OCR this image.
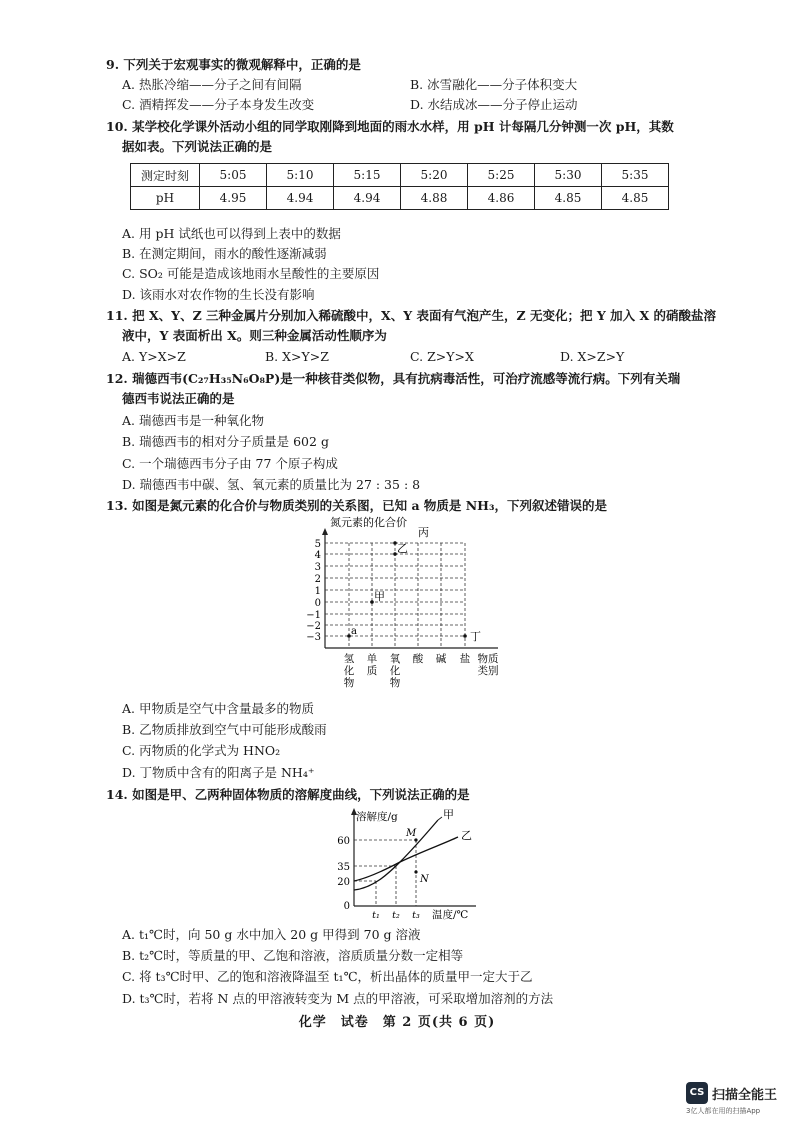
9. 下列关于宏观事实的微观解释中，正确的是
A. 热胀冷缩——分子之间有间隔	B. 冰雪融化——分子体积变大
C. 酒精挥发——分子本身发生改变	D. 水结成冰——分子停止运动
10. 某学校化学课外活动小组的同学取刚降到地面的雨水水样，用 pH 计每隔几分钟测一次 pH，其数
据如表。下列说法正确的是
测定时刻	5:05	5:10	5:15	5:20	5:25	5:30	5:35
pH	4.95	4.94	4.94	4.88	4.86	4.85	4.85
A. 用 pH 试纸也可以得到上表中的数据
B. 在测定期间，雨水的酸性逐渐减弱
C. SO₂ 可能是造成该地雨水呈酸性的主要原因
D. 该雨水对农作物的生长没有影响
11. 把 X、Y、Z 三种金属片分别加入稀硫酸中，X、Y 表面有气泡产生，Z 无变化；把 Y 加入 X 的硝酸盐溶
液中，Y 表面析出 X。则三种金属活动性顺序为
A. Y>X>Z	B. X>Y>Z	C. Z>Y>X	D. X>Z>Y
12. 瑞德西韦(C₂₇H₃₅N₆O₈P)是一种核苷类似物，具有抗病毒活性，可治疗流感等流行病。下列有关瑞
德西韦说法正确的是
A. 瑞德西韦是一种氧化物
B. 瑞德西韦的相对分子质量是 602 g
C. 一个瑞德西韦分子由 77 个原子构成
D. 瑞德西韦中碳、氢、氧元素的质量比为 27 : 35 : 8
13. 如图是氮元素的化合价与物质类别的关系图，已知 a 物质是 NH₃，下列叙述错误的是
氮元素的化合价
5
4
3
2
1
0
−1
−2
−3
丙
乙
甲
a	丁
氢化物
单质
氧化物
酸 碱 盐 物质类别
A. 甲物质是空气中含量最多的物质
B. 乙物质排放到空气中可能形成酸雨
C. 丙物质的化学式为 HNO₂
D. 丁物质中含有的阳离子是 NH₄⁺
14. 如图是甲、乙两种固体物质的溶解度曲线，下列说法正确的是
溶解度/g
温度/℃
60
35
20
0
甲
乙
M
N
t₁ t₂ t₃
A. t₁℃时，向 50 g 水中加入 20 g 甲得到 70 g 溶液
B. t₂℃时，等质量的甲、乙饱和溶液，溶质质量分数一定相等
C. 将 t₃℃时甲、乙的饱和溶液降温至 t₁℃，析出晶体的质量甲一定大于乙
D. t₃℃时，若将 N 点的甲溶液转变为 M 点的甲溶液，可采取增加溶剂的方法
化学　试卷　第 2 页(共 6 页)
CS 扫描全能王
3亿人都在用的扫描App
